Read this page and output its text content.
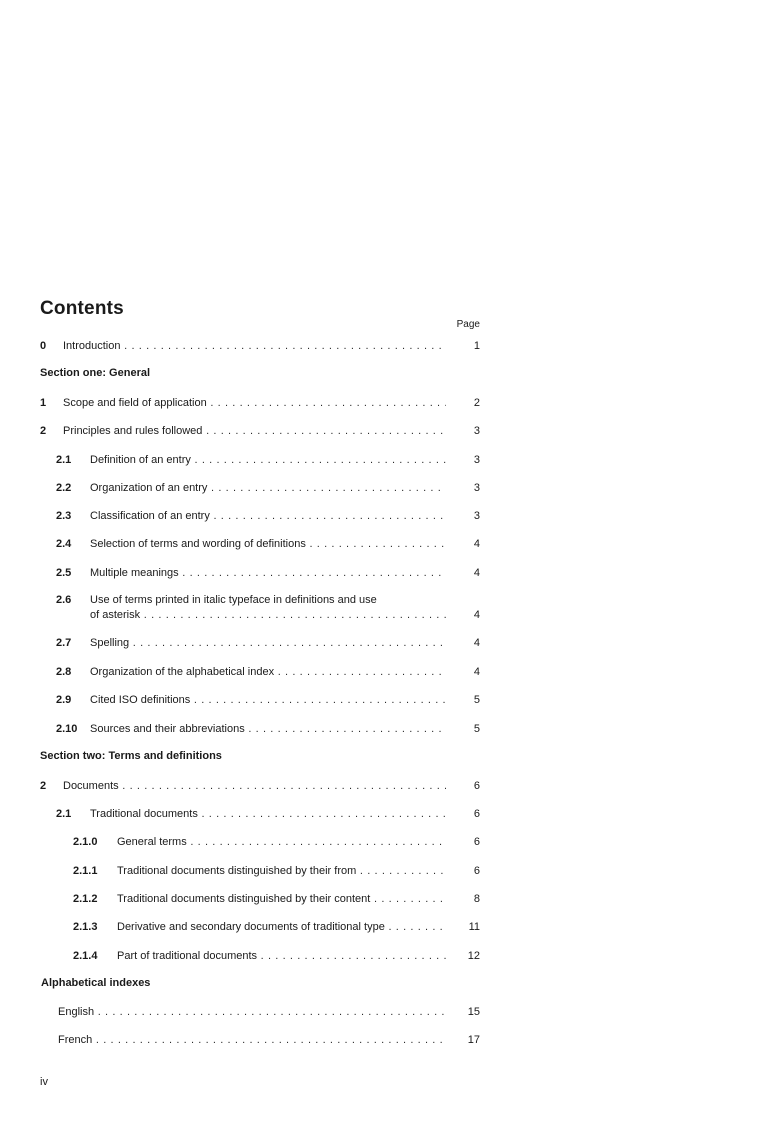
Contents
Page
0	Introduction . . .	1
Section one: General
1	Scope and field of application . . .	2
2	Principles and rules followed . . .	3
2.1	Definition of an entry . . .	3
2.2	Organization of an entry . . .	3
2.3	Classification of an entry . . .	3
2.4	Selection of terms and wording of definitions . . .	4
2.5	Multiple meanings . . .	4
2.6 Use of terms printed in italic typeface in definitions and use
of asterisk . . .	4
2.7	Spelling . . .	4
2.8	Organization of the alphabetical index . . .	4
2.9	Cited ISO definitions . . .	5
2.10	Sources and their abbreviations . . .	5
Section two: Terms and definitions
2	Documents . . .	6
2.1	Traditional documents . . .	6
2.1.0	General terms . . .	6
2.1.1	Traditional documents distinguished by their from . . .	6
2.1.2	Traditional documents distinguished by their content . . .	8
2.1.3	Derivative and secondary documents of traditional type . . .	11
2.1.4	Part of traditional documents . . .	12
Alphabetical indexes
English . . .	15
French . . .	17
iv
